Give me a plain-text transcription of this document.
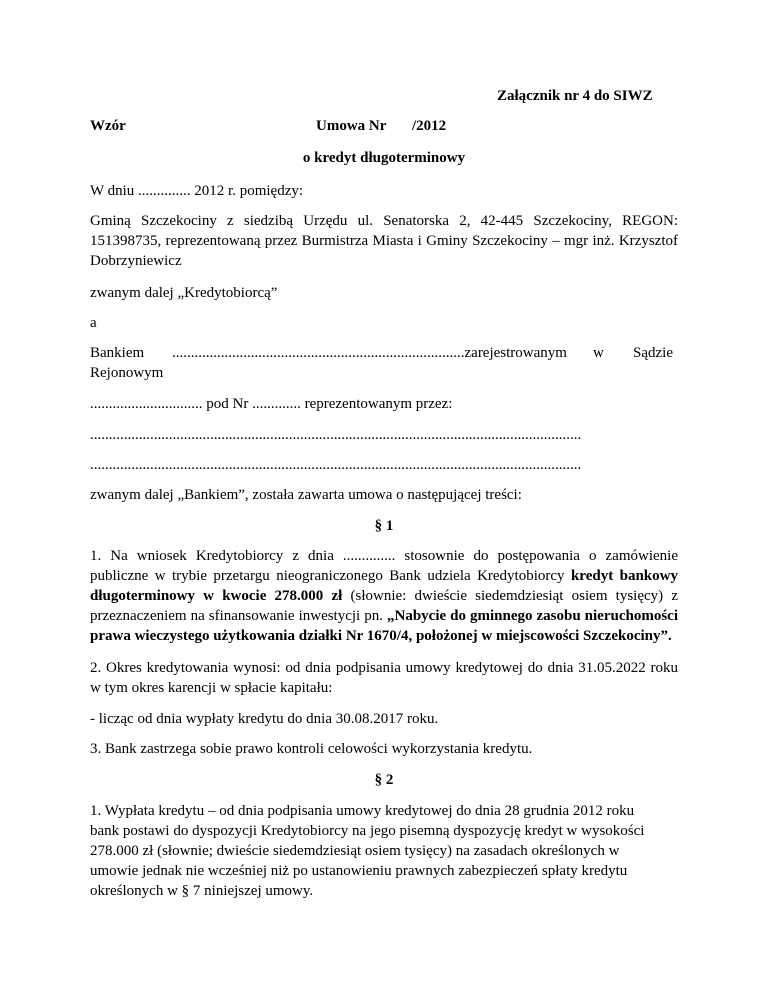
Załącznik nr 4 do SIWZ
Wzór	Umowa Nr /2012
o kredyt długoterminowy
W dniu .............. 2012 r. pomiędzy:
Gminą Szczekociny z siedzibą Urzędu ul. Senatorska 2, 42-445 Szczekociny, REGON: 151398735, reprezentowaną przez Burmistrza Miasta i Gminy Szczekociny – mgr inż. Krzysztof Dobrzyniewicz
zwanym dalej „Kredytobiorcą”
a
Bankiem ..............................................................................zarejestrowanym w Sądzie
Rejonowym
.............................. pod Nr ............. reprezentowanym przez:
...................................................................................................................................
...................................................................................................................................
zwanym dalej „Bankiem”, została zawarta umowa o następującej treści:
§ 1
1. Na wniosek Kredytobiorcy z dnia .............. stosownie do postępowania o zamówienie publiczne w trybie przetargu nieograniczonego Bank udziela Kredytobiorcy kredyt bankowy długoterminowy w kwocie 278.000 zł (słownie: dwieście siedemdziesiąt osiem tysięcy) z przeznaczeniem na sfinansowanie inwestycji pn. „Nabycie do gminnego zasobu nieruchomości prawa wieczystego użytkowania działki Nr 1670/4, położonej w miejscowości Szczekociny”.
2. Okres kredytowania wynosi: od dnia podpisania umowy kredytowej do dnia 31.05.2022 roku w tym okres karencji w spłacie kapitału:
- licząc od dnia wypłaty kredytu do dnia 30.08.2017 roku.
3. Bank zastrzega sobie prawo kontroli celowości wykorzystania kredytu.
§ 2
1. Wypłata kredytu – od dnia podpisania umowy kredytowej do dnia 28 grudnia 2012 roku bank postawi do dyspozycji Kredytobiorcy na jego pisemną dyspozycję kredyt w wysokości 278.000 zł (słownie; dwieście siedemdziesiąt osiem tysięcy) na zasadach określonych w umowie jednak nie wcześniej niż po ustanowieniu prawnych zabezpieczeń spłaty kredytu określonych w § 7 niniejszej umowy.
